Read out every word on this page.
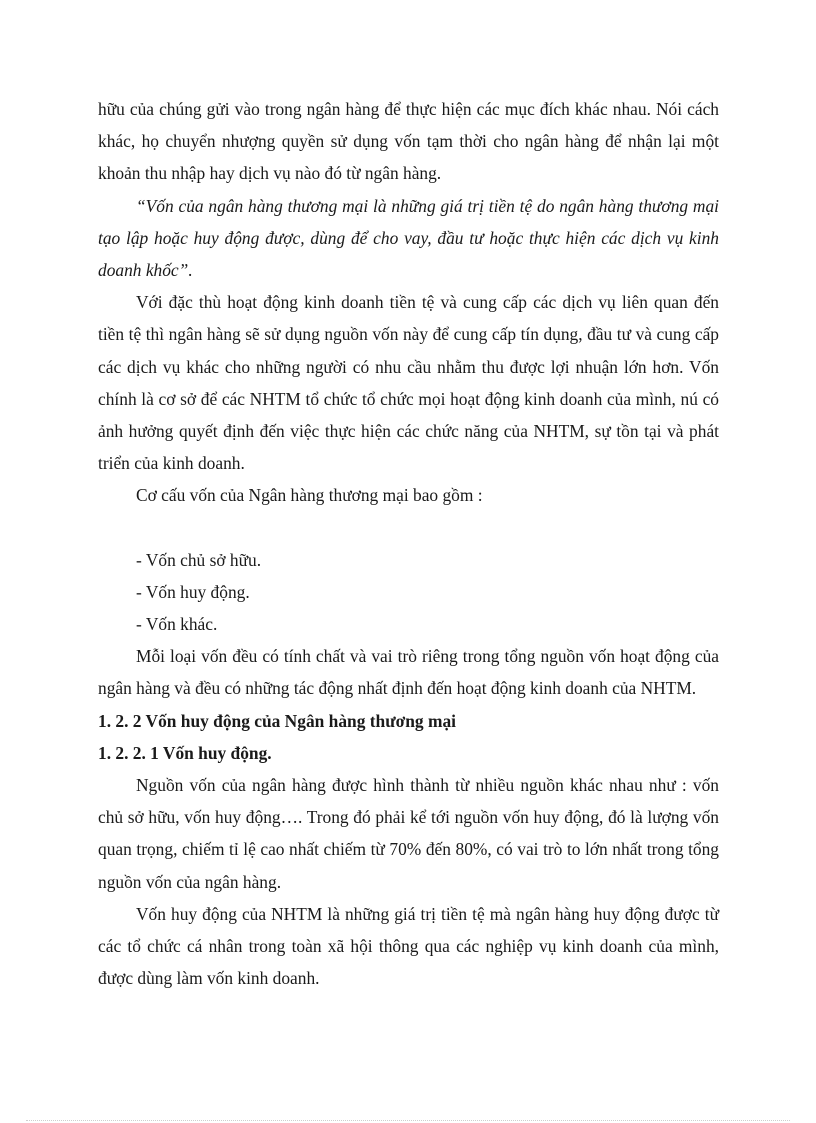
hữu của chúng gửi vào trong ngân hàng để thực hiện các mục đích khác nhau. Nói cách khác, họ chuyển nhượng quyền sử dụng vốn tạm thời cho ngân hàng để nhận lại một khoản thu nhập hay dịch vụ nào đó từ ngân hàng.

“Vốn của ngân hàng thương mại là những giá trị tiền tệ do ngân hàng thương mại tạo lập hoặc huy động được, dùng để cho vay, đầu tư hoặc thực hiện các dịch vụ kinh doanh khốc”.

Với đặc thù hoạt động kinh doanh tiền tệ và cung cấp các dịch vụ liên quan đến tiền tệ thì ngân hàng sẽ sử dụng nguồn vốn này để cung cấp tín dụng, đầu tư và cung cấp các dịch vụ khác cho những người có nhu cầu nhằm thu được lợi nhuận lớn hơn. Vốn chính là cơ sở để các NHTM tổ chức tổ chức mọi hoạt động kinh doanh của mình, nú có ảnh hưởng quyết định đến việc thực hiện các chức năng của NHTM, sự tồn tại và phát triển của kinh doanh.

Cơ cấu vốn của Ngân hàng thương mại bao gồm :

- Vốn chủ sở hữu.

- Vốn huy động.

- Vốn khác.

Mỗi loại vốn đều có tính chất và vai trò riêng trong tổng nguồn vốn hoạt động của ngân hàng và đều có những tác động nhất định đến hoạt động kinh doanh của NHTM.

1. 2. 2 Vốn huy động của Ngân hàng thương mại

1. 2. 2. 1 Vốn huy động.

Nguồn vốn của ngân hàng được hình thành từ nhiều nguồn khác nhau như : vốn chủ sở hữu, vốn huy động…. Trong đó phải kể tới nguồn vốn huy động, đó là lượng vốn quan trọng, chiếm tỉ lệ cao nhất chiếm từ 70% đến 80%, có vai trò to lớn nhất trong tổng nguồn vốn của ngân hàng.

Vốn huy động của NHTM là những giá trị tiền tệ mà ngân hàng huy động được từ các tổ chức cá nhân trong toàn xã hội thông qua các nghiệp vụ kinh doanh của mình, được dùng làm vốn kinh doanh.
